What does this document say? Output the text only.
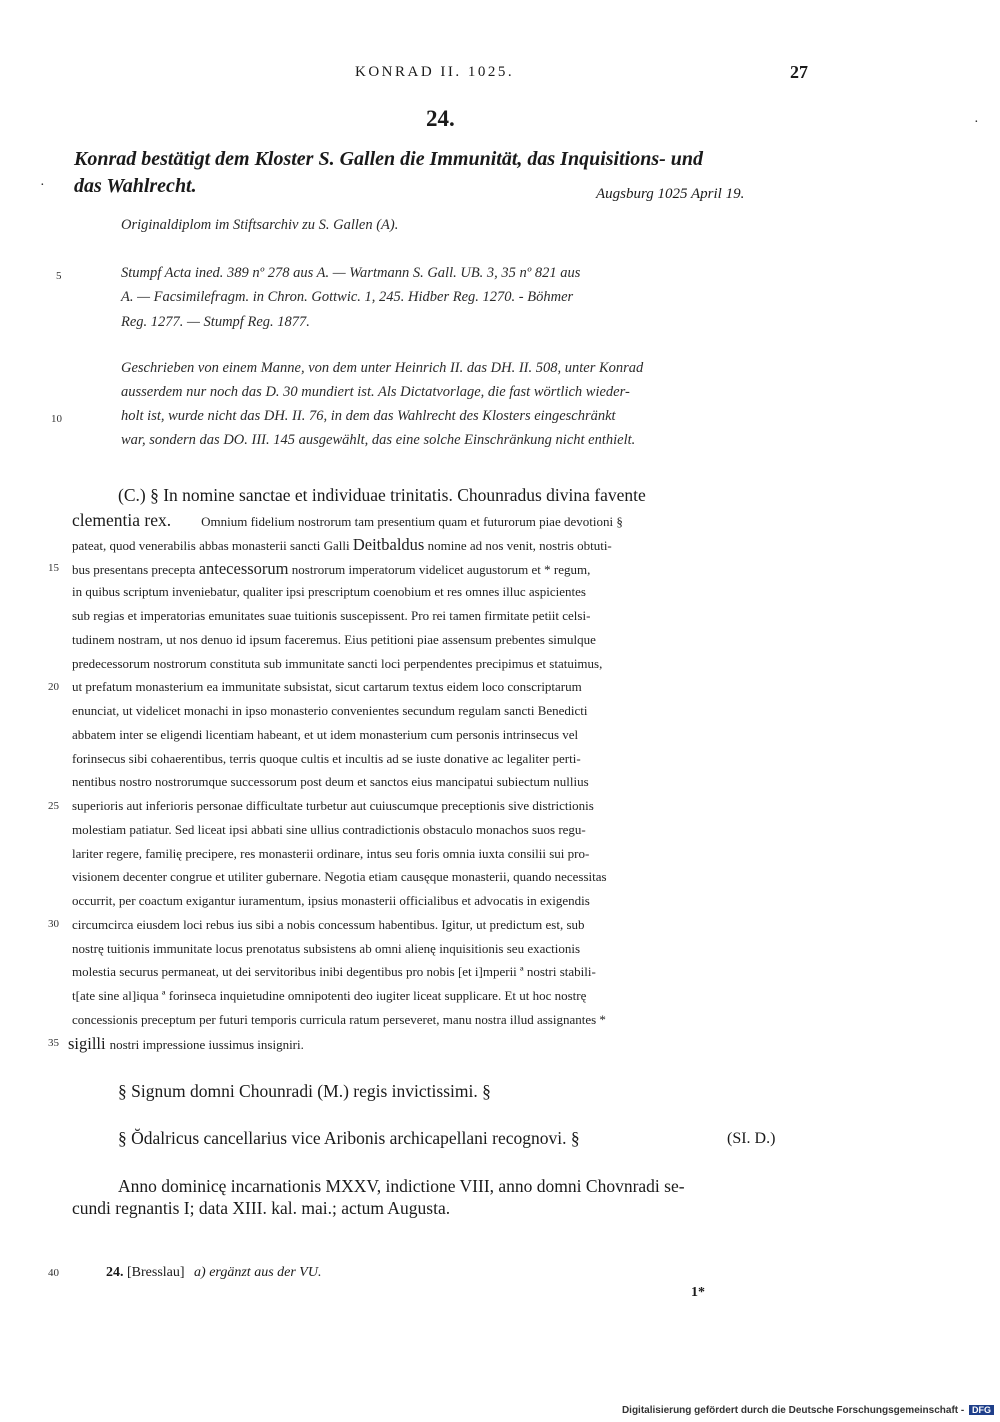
KONRAD II. 1025.	27
24.
Konrad bestätigt dem Kloster S. Gallen die Immunität, das Inquisitions- und
das Wahlrecht.	Augsburg 1025 April 19.
·
·
Originaldiplom im Stiftsarchiv zu S. Gallen (A).
Stumpf Acta ined. 389 nº 278 aus A. — Wartmann S. Gall. UB. 3, 35 nº 821 aus
A. — Facsimilefragm. in Chron. Gottwic. 1, 245. Hidber Reg. 1270. - Böhmer
Reg. 1277. — Stumpf Reg. 1877.
Geschrieben von einem Manne, von dem unter Heinrich II. das DH. II. 508, unter Konrad
ausserdem nur noch das D. 30 mundiert ist. Als Dictatvorlage, die fast wörtlich wieder-
holt ist, wurde nicht das DH. II. 76, in dem das Wahlrecht des Klosters eingeschränkt
war, sondern das DO. III. 145 ausgewählt, das eine solche Einschränkung nicht enthielt.
5
10
15
20
25
30
35
40
(C.) § In nomine sanctae et individuae trinitatis. Chounradus divina favente
clementia rex. Omnium fidelium nostrorum tam presentium quam et futurorum piae devotioni §
pateat, quod venerabilis abbas monasterii sancti Galli Deitbaldus nomine ad nos venit, nostris obtuti-
bus presentans precepta antecessorum nostrorum imperatorum videlicet augustorum et * regum,
in quibus scriptum inveniebatur, qualiter ipsi prescriptum coenobium et res omnes illuc aspicientes
sub regias et imperatorias emunitates suae tuitionis suscepissent. Pro rei tamen firmitate petiit celsi-
tudinem nostram, ut nos denuo id ipsum faceremus. Eius petitioni piae assensum prebentes simulque
predecessorum nostrorum constituta sub immunitate sancti loci perpendentes precipimus et statuimus,
ut prefatum monasterium ea immunitate subsistat, sicut cartarum textus eidem loco conscriptarum
enunciat, ut videlicet monachi in ipso monasterio convenientes secundum regulam sancti Benedicti
abbatem inter se eligendi licentiam habeant, et ut idem monasterium cum personis intrinsecus vel
forinsecus sibi cohaerentibus, terris quoque cultis et incultis ad se iuste donative ac legaliter perti-
nentibus nostro nostrorumque successorum post deum et sanctos eius mancipatui subiectum nullius
superioris aut inferioris personae difficultate turbetur aut cuiuscumque preceptionis sive districtionis
molestiam patiatur. Sed liceat ipsi abbati sine ullius contradictionis obstaculo monachos suos regu-
lariter regere, familię precipere, res monasterii ordinare, intus seu foris omnia iuxta consilii sui pro-
visionem decenter congrue et utiliter gubernare. Negotia etiam causęque monasterii, quando necessitas
occurrit, per coactum exigantur iuramentum, ipsius monasterii officialibus et advocatis in exigendis
circumcirca eiusdem loci rebus ius sibi a nobis concessum habentibus. Igitur, ut predictum est, sub
nostrę tuitionis immunitate locus prenotatus subsistens ab omni alienę inquisitionis seu exactionis
molestia securus permaneat, ut dei servitoribus inibi degentibus pro nobis [et i]mperii ª nostri stabili-
t[ate sine al]iqua ª forinseca inquietudine omnipotenti deo iugiter liceat supplicare. Et ut hoc nostrę
concessionis preceptum per futuri temporis curricula ratum perseveret, manu nostra illud assignantes *
sigilli nostri impressione iussimus insigniri.
§ Signum domni Chounradi (M.) regis invictissimi. §
§ Ŏdalricus cancellarius vice Aribonis archicapellani recognovi. §	(SI. D.)
Anno dominicę incarnationis MXXV, indictione VIII, anno domni Chovnradi se-
cundi regnantis I; data XIII. kal. mai.; actum Augusta.
24. [Bresslau] a) ergänzt aus der VU.
1*
Digitalisierung gefördert durch die Deutsche Forschungsgemeinschaft - DFG
